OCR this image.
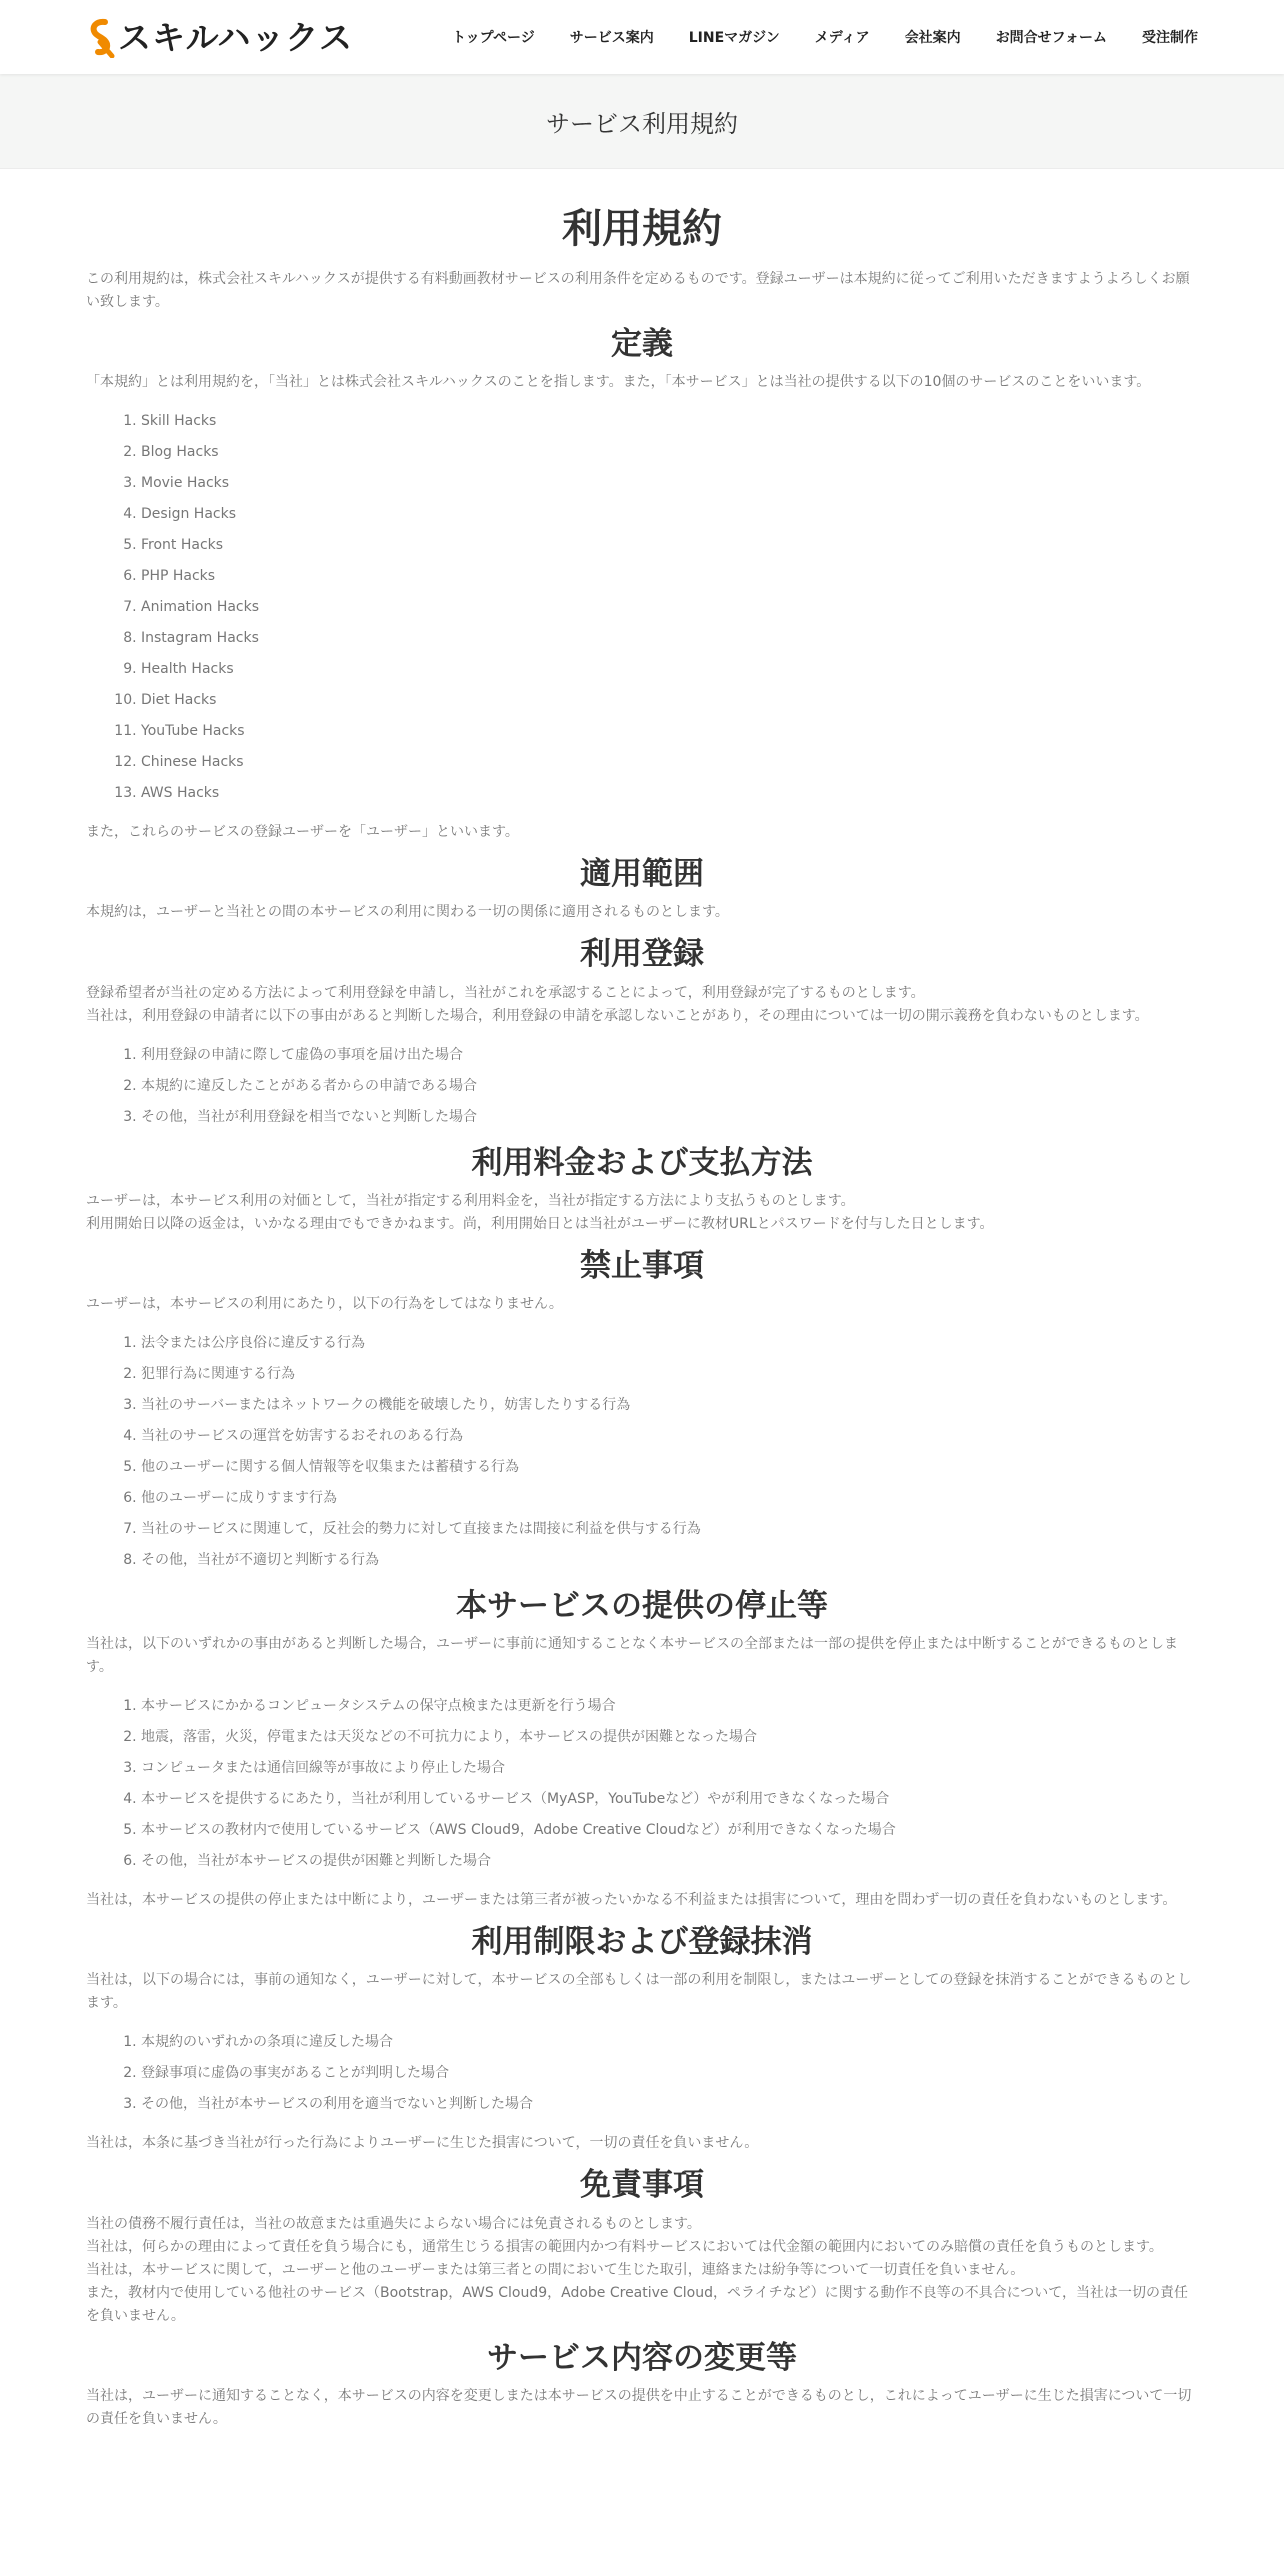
スキルハックス	トップページ	サービス案内	LINEマガジン	メディア	会社案内	お問合せフォーム	受注制作
サービス利用規約
利用規約

この利用規約は，株式会社スキルハックスが提供する有料動画教材サービスの利用条件を定めるものです。登録ユーザーは本規約に従ってご利用いただきますようよろしくお願い致します。

定義

「本規約」とは利用規約を，「当社」とは株式会社スキルハックスのことを指します。また，「本サービス」とは当社の提供する以下の10個のサービスのことをいいます。

1. Skill Hacks
2. Blog Hacks
3. Movie Hacks
4. Design Hacks
5. Front Hacks
6. PHP Hacks
7. Animation Hacks
8. Instagram Hacks
9. Health Hacks
10. Diet Hacks
11. YouTube Hacks
12. Chinese Hacks
13. AWS Hacks

また，これらのサービスの登録ユーザーを「ユーザー」といいます。

適用範囲

本規約は，ユーザーと当社との間の本サービスの利用に関わる一切の関係に適用されるものとします。

利用登録

登録希望者が当社の定める方法によって利用登録を申請し，当社がこれを承認することによって，利用登録が完了するものとします。

当社は，利用登録の申請者に以下の事由があると判断した場合，利用登録の申請を承認しないことがあり，その理由については一切の開示義務を負わないものとします。

1. 利用登録の申請に際して虚偽の事項を届け出た場合
2. 本規約に違反したことがある者からの申請である場合
3. その他，当社が利用登録を相当でないと判断した場合
利用料金および支払方法

ユーザーは，本サービス利用の対価として，当社が指定する利用料金を，当社が指定する方法により支払うものとします。

利用開始日以降の返金は，いかなる理由でもできかねます。尚，利用開始日とは当社がユーザーに教材URLとパスワードを付与した日とします。

禁止事項

ユーザーは，本サービスの利用にあたり，以下の行為をしてはなりません。

1. 法令または公序良俗に違反する行為
2. 犯罪行為に関連する行為
3. 当社のサーバーまたはネットワークの機能を破壊したり，妨害したりする行為
4. 当社のサービスの運営を妨害するおそれのある行為
5. 他のユーザーに関する個人情報等を収集または蓄積する行為
6. 他のユーザーに成りすます行為
7. 当社のサービスに関連して，反社会的勢力に対して直接または間接に利益を供与する行為
8. その他，当社が不適切と判断する行為
本サービスの提供の停止等

当社は，以下のいずれかの事由があると判断した場合，ユーザーに事前に通知することなく本サービスの全部または一部の提供を停止または中断することができるものとします。

1. 本サービスにかかるコンピュータシステムの保守点検または更新を行う場合
2. 地震，落雷，火災，停電または天災などの不可抗力により，本サービスの提供が困難となった場合
3. コンピュータまたは通信回線等が事故により停止した場合
4. 本サービスを提供するにあたり，当社が利用しているサービス（MyASP，YouTubeなど）やが利用できなくなった場合
5. 本サービスの教材内で使用しているサービス（AWS Cloud9，Adobe Creative Cloudなど）が利用できなくなった場合
6. その他，当社が本サービスの提供が困難と判断した場合

当社は，本サービスの提供の停止または中断により，ユーザーまたは第三者が被ったいかなる不利益または損害について，理由を問わず一切の責任を負わないものとします。

利用制限および登録抹消

当社は，以下の場合には，事前の通知なく，ユーザーに対して，本サービスの全部もしくは一部の利用を制限し，またはユーザーとしての登録を抹消することができるものとします。

1. 本規約のいずれかの条項に違反した場合
2. 登録事項に虚偽の事実があることが判明した場合
3. その他，当社が本サービスの利用を適当でないと判断した場合

当社は，本条に基づき当社が行った行為によりユーザーに生じた損害について，一切の責任を負いません。

免責事項

当社の債務不履行責任は，当社の故意または重過失によらない場合には免責されるものとします。

当社は，何らかの理由によって責任を負う場合にも，通常生じうる損害の範囲内かつ有料サービスにおいては代金額の範囲内においてのみ賠償の責任を負うものとします。

当社は，本サービスに関して，ユーザーと他のユーザーまたは第三者との間において生じた取引，連絡または紛争等について一切責任を負いません。

また，教材内で使用している他社のサービス（Bootstrap，AWS Cloud9，Adobe Creative Cloud，ペライチなど）に関する動作不良等の不具合について，当社は一切の責任を負いません。

サービス内容の変更等

当社は，ユーザーに通知することなく，本サービスの内容を変更しまたは本サービスの提供を中止することができるものとし，これによってユーザーに生じた損害について一切の責任を負いません。
